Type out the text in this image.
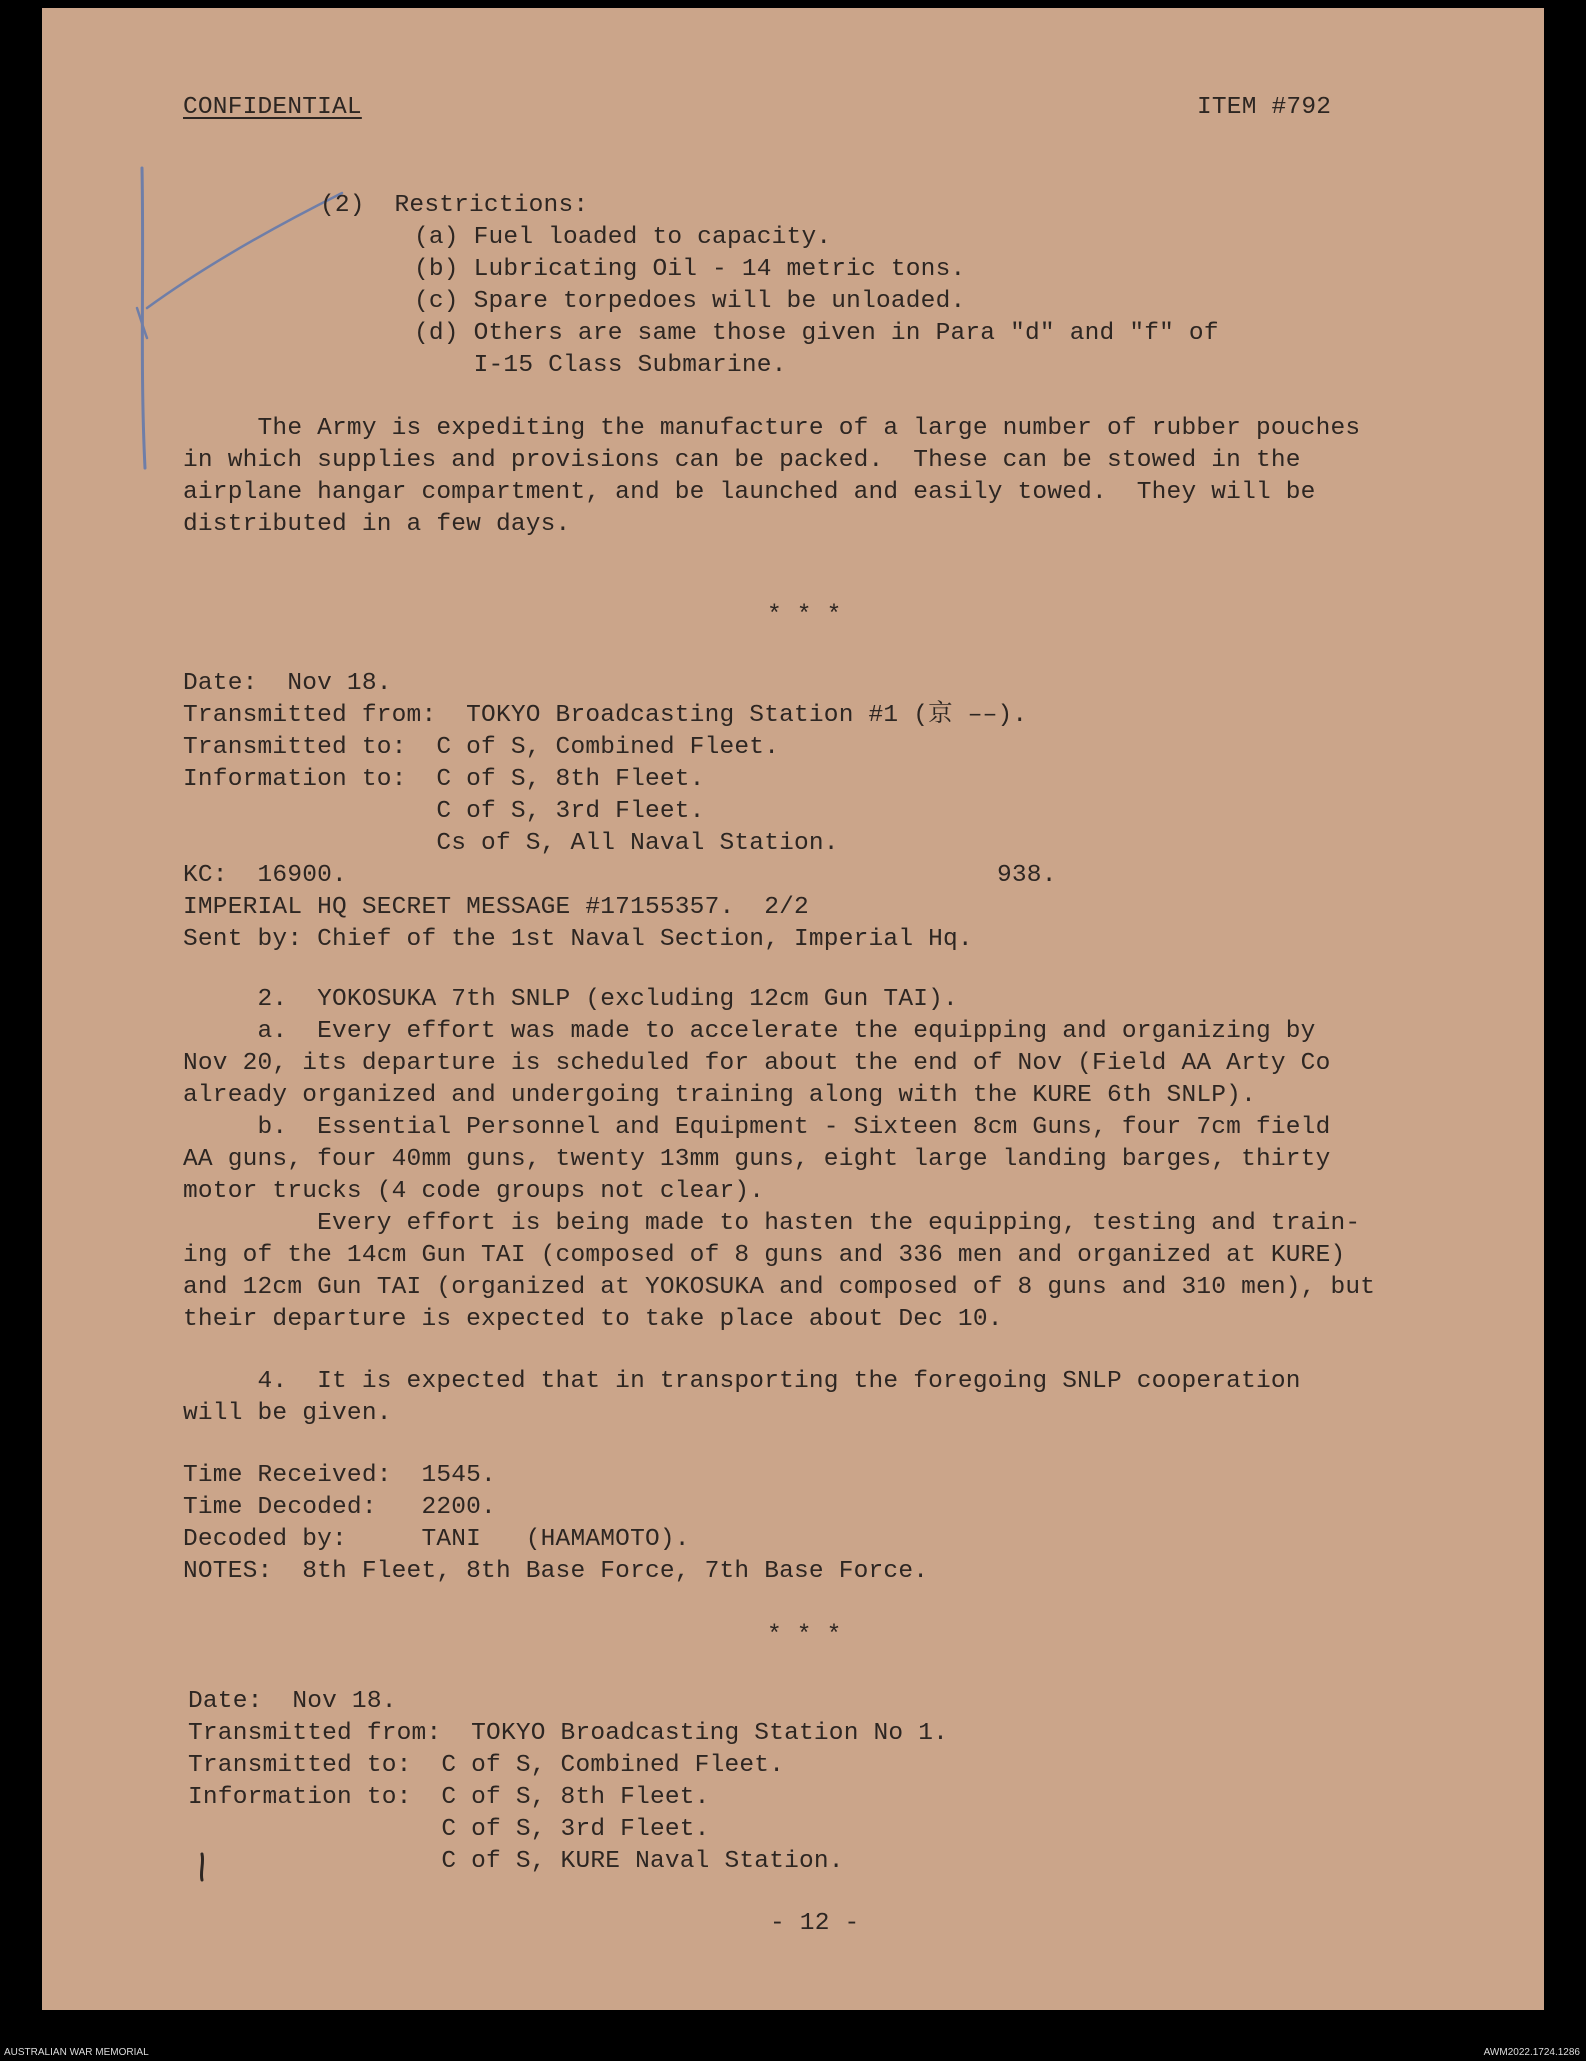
CONFIDENTIAL	ITEM #792
(2)  Restrictions:
(a) Fuel loaded to capacity.
(b) Lubricating Oil - 14 metric tons.
(c) Spare torpedoes will be unloaded.
(d) Others are same those given in Para "d" and "f" of
I-15 Class Submarine.
The Army is expediting the manufacture of a large number of rubber pouches
in which supplies and provisions can be packed.  These can be stowed in the
airplane hangar compartment, and be launched and easily towed.  They will be
distributed in a few days.
* * *
Date:  Nov 18.
Transmitted from:  TOKYO Broadcasting Station #1 (京 ––).
Transmitted to:  C of S, Combined Fleet.
Information to:  C of S, 8th Fleet.
C of S, 3rd Fleet.
Cs of S, All Naval Station.
KC:  16900.	938.
IMPERIAL HQ SECRET MESSAGE #17155357.  2/2
Sent by: Chief of the 1st Naval Section, Imperial Hq.
2.  YOKOSUKA 7th SNLP (excluding 12cm Gun TAI).
a.  Every effort was made to accelerate the equipping and organizing by
Nov 20, its departure is scheduled for about the end of Nov (Field AA Arty Co
already organized and undergoing training along with the KURE 6th SNLP).
b.  Essential Personnel and Equipment - Sixteen 8cm Guns, four 7cm field
AA guns, four 40mm guns, twenty 13mm guns, eight large landing barges, thirty
motor trucks (4 code groups not clear).
Every effort is being made to hasten the equipping, testing and train-
ing of the 14cm Gun TAI (composed of 8 guns and 336 men and organized at KURE)
and 12cm Gun TAI (organized at YOKOSUKA and composed of 8 guns and 310 men), but
their departure is expected to take place about Dec 10.
4.  It is expected that in transporting the foregoing SNLP cooperation
will be given.
Time Received:  1545.
Time Decoded:   2200.
Decoded by:     TANI   (HAMAMOTO).
NOTES:  8th Fleet, 8th Base Force, 7th Base Force.
* * *
Date:  Nov 18.
Transmitted from:  TOKYO Broadcasting Station No 1.
Transmitted to:  C of S, Combined Fleet.
Information to:  C of S, 8th Fleet.
C of S, 3rd Fleet.
C of S, KURE Naval Station.
- 12 -
AUSTRALIAN WAR MEMORIAL	AWM2022.1724.1286
